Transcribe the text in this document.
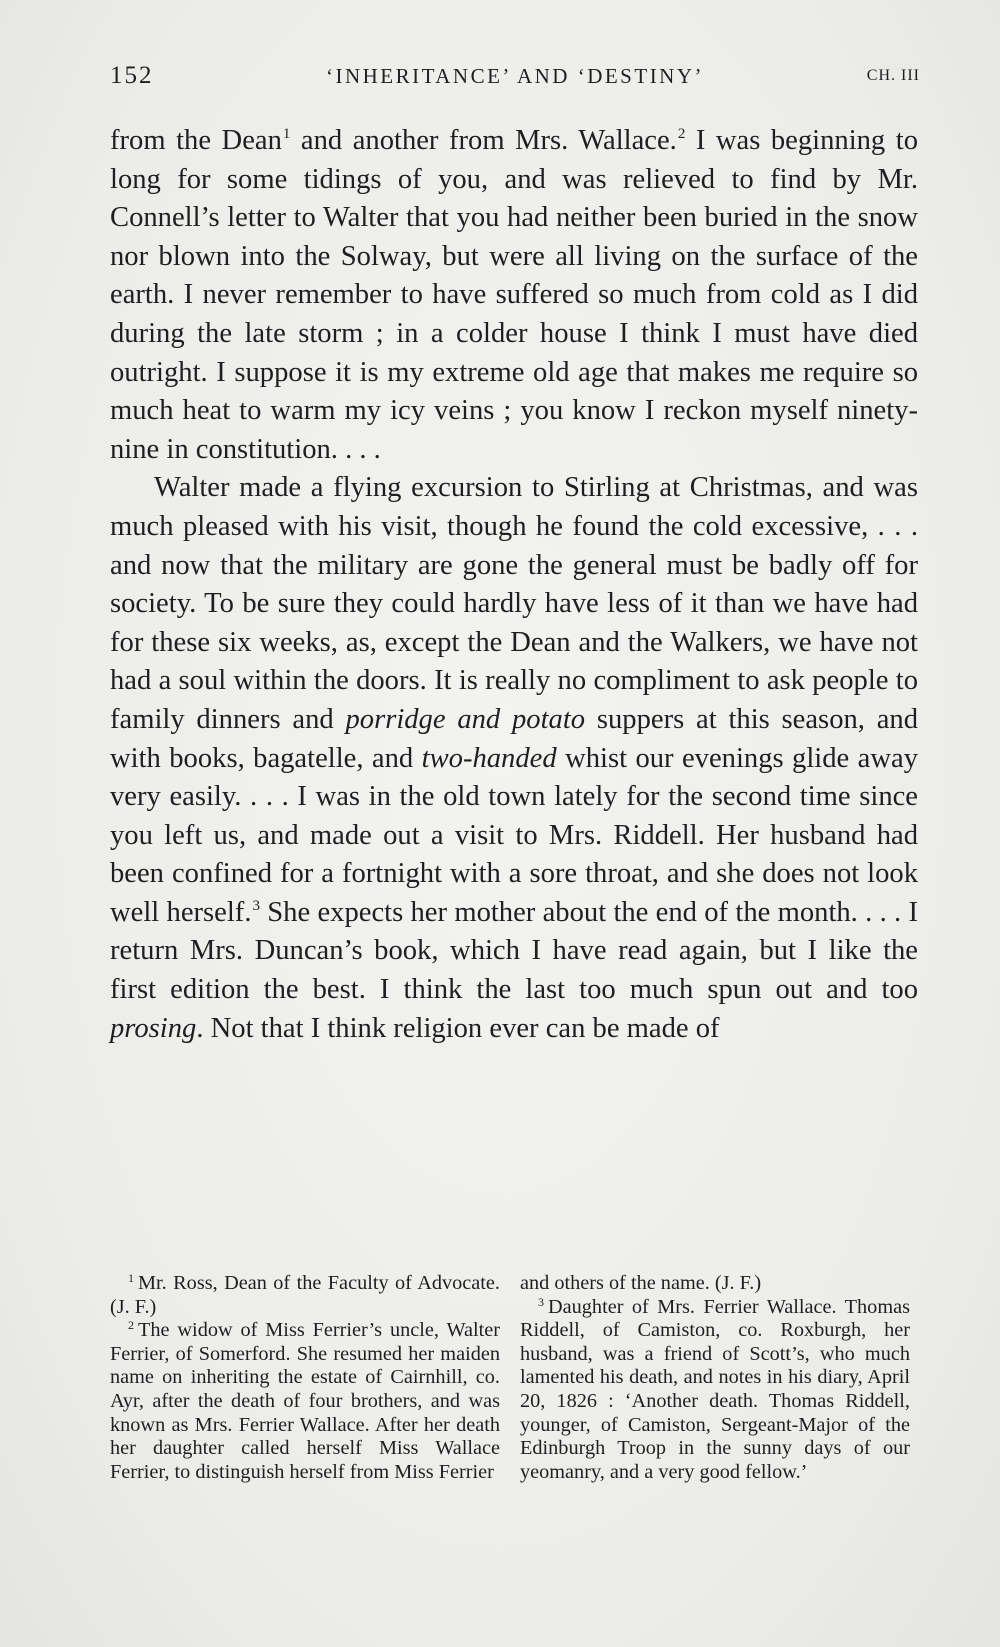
152	‘INHERITANCE’ AND ‘DESTINY’	CH. III

from the Dean$^1$ and another from Mrs. Wallace.$^2$ I was beginning to long for some tidings of you, and was relieved to find by Mr. Connell’s letter to Walter that you had neither been buried in the snow nor blown into the Solway, but were all living on the surface of the earth. I never remember to have suffered so much from cold as I did during the late storm ; in a colder house I think I must have died outright. I suppose it is my extreme old age that makes me require so much heat to warm my icy veins ; you know I reckon myself ninety-nine in constitution. . . .

Walter made a flying excursion to Stirling at Christmas, and was much pleased with his visit, though he found the cold excessive, . . . and now that the military are gone the general must be badly off for society. To be sure they could hardly have less of it than we have had for these six weeks, as, except the Dean and the Walkers, we have not had a soul within the doors. It is really no compliment to ask people to family dinners and porridge and potato suppers at this season, and with books, bagatelle, and two-handed whist our evenings glide away very easily. . . . I was in the old town lately for the second time since you left us, and made out a visit to Mrs. Riddell. Her husband had been confined for a fortnight with a sore throat, and she does not look well herself.$^3$ She expects her mother about the end of the month. . . . I return Mrs. Duncan’s book, which I have read again, but I like the first edition the best. I think the last too much spun out and too prosing. Not that I think religion ever can be made of

$^1$ Mr. Ross, Dean of the Faculty of Advocate. (J. F.)

$^2$ The widow of Miss Ferrier’s uncle, Walter Ferrier, of Somerford. She resumed her maiden name on inheriting the estate of Cairnhill, co. Ayr, after the death of four brothers, and was known as Mrs. Ferrier Wallace. After her death her daughter called herself Miss Wallace Ferrier, to distinguish herself from Miss Ferrier

and others of the name. (J. F.)

$^3$ Daughter of Mrs. Ferrier Wallace. Thomas Riddell, of Camiston, co. Roxburgh, her husband, was a friend of Scott’s, who much lamented his death, and notes in his diary, April 20, 1826 : ‘Another death. Thomas Riddell, younger, of Camiston, Sergeant-Major of the Edinburgh Troop in the sunny days of our yeomanry, and a very good fellow.’
